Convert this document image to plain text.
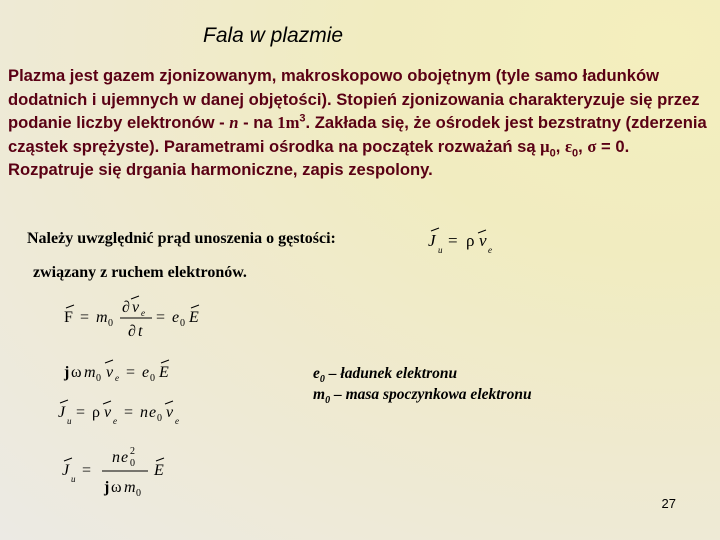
Fala w plazmie
Plazma jest gazem zjonizowanym, makroskopowo obojętnym (tyle samo ładunków dodatnich i ujemnych w danej objętości). Stopień zjonizowania charakteryzuje się przez podanie liczby elektronów - n - na $1m^3$. Zakłada się, że ośrodek jest bezstratny (zderzenia cząstek sprężyste). Parametrami ośrodka na początek rozważań są $\mu_0$, $\varepsilon_0$, σ = 0. Rozpatruje się drgania harmoniczne, zapis zespolony.
Należy uwzględnić prąd unoszenia o gęstości:	J u = ρ v e
związany z ruchem elektronów.
F = m 0
∂ v e
∂ t
= e 0 E
j ω m 0 v e = e 0 E
J u = ρ v e = n e 0 v e
J u =
n e 2
0
j ω m 0
E
$e_0$ – ładunek elektronu
$m_0$ – masa spoczynkowa elektronu
27
